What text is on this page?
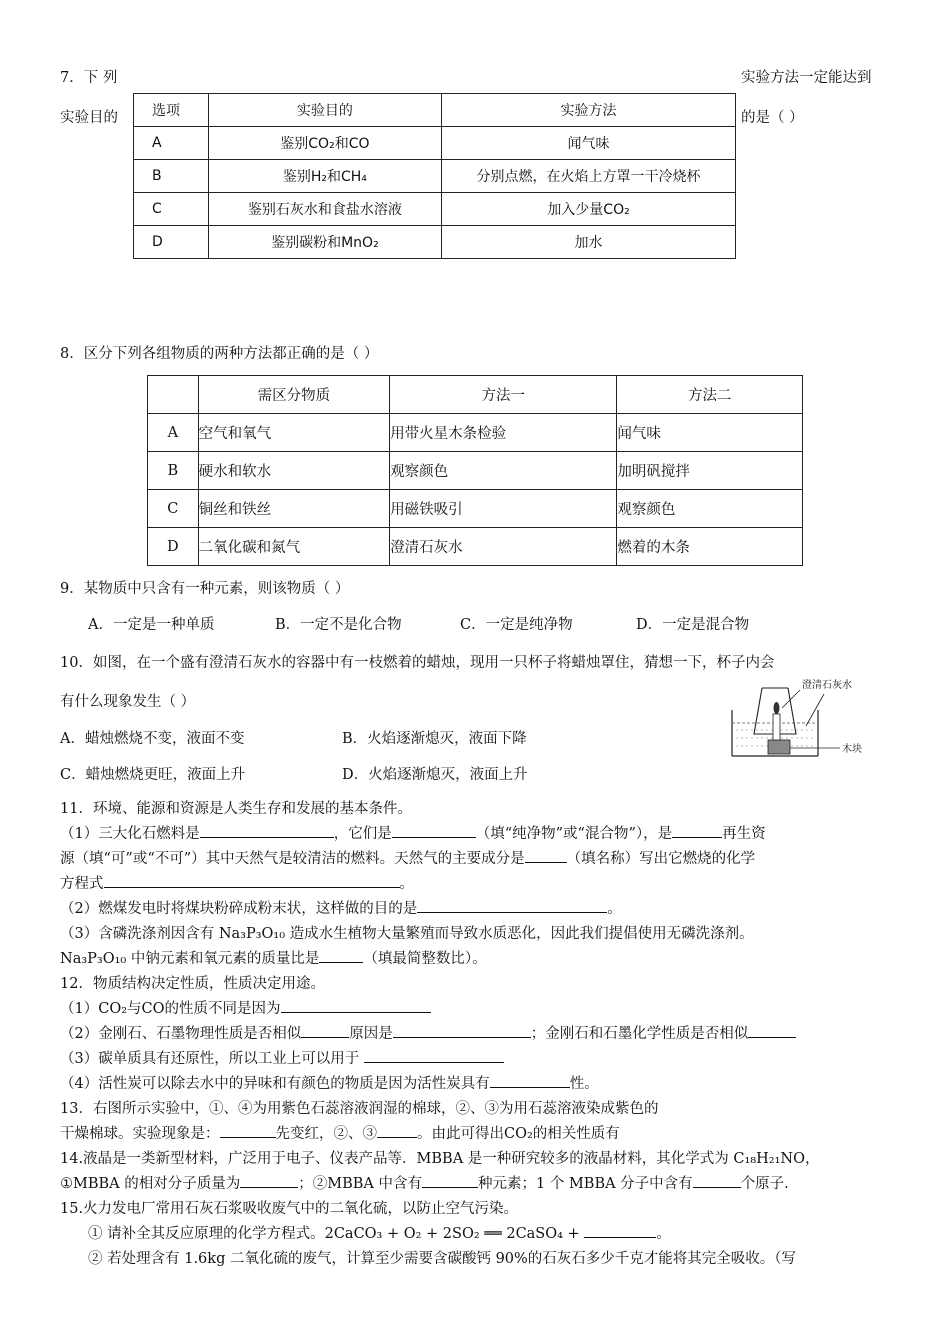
7．下 列	实验方法一定能达到
实验目的	的是（ ）
选项	实验目的	实验方法
A	鉴别CO₂和CO	闻气味
B	鉴别H₂和CH₄	分别点燃，在火焰上方罩一干冷烧杯
C	鉴别石灰水和食盐水溶液	加入少量CO₂
D	鉴别碳粉和MnO₂	加水
8．区分下列各组物质的两种方法都正确的是（ ）
	需区分物质	方法一	方法二
A	空气和氧气	用带火星木条检验	闻气味
B	硬水和软水	观察颜色	加明矾搅拌
C	铜丝和铁丝	用磁铁吸引	观察颜色
D	二氧化碳和氮气	澄清石灰水	燃着的木条
9．某物质中只含有一种元素，则该物质（ ）
A．一定是一种单质	B．一定不是化合物	C．一定是纯净物	D．一定是混合物
10．如图，在一个盛有澄清石灰水的容器中有一枝燃着的蜡烛，现用一只杯子将蜡烛罩住，猜想一下，杯子内会
有什么现象发生（ ）
A．蜡烛燃烧不变，液面不变	B．火焰逐渐熄灭，液面下降
C．蜡烛燃烧更旺，液面上升	D．火焰逐渐熄灭，液面上升
澄清石灰水
木块
11．环境、能源和资源是人类生存和发展的基本条件。
（1）三大化石燃料是	，它们是	（填“纯净物”或“混合物”），是	再生资
源（填“可”或“不可”）其中天然气是较清洁的燃料。天然气的主要成分是	（填名称）写出它燃烧的化学
方程式	。
（2）燃煤发电时将煤块粉碎成粉末状，这样做的目的是	。
（3）含磷洗涤剂因含有 Na₃P₃O₁₀ 造成水生植物大量繁殖而导致水质恶化，因此我们提倡使用无磷洗涤剂。
Na₃P₃O₁₀ 中钠元素和氧元素的质量比是	（填最简整数比）。
12．物质结构决定性质，性质决定用途。
（1）CO₂与CO的性质不同是因为
（2）金刚石、石墨物理性质是否相似	原因是	；金刚石和石墨化学性质是否相似
（3）碳单质具有还原性，所以工业上可以用于
（4）活性炭可以除去水中的异味和有颜色的物质是因为活性炭具有	性。
13．右图所示实验中，①、④为用紫色石蕊溶液润湿的棉球，②、③为用石蕊溶液染成紫色的
干燥棉球。实验现象是：	先变红，②、③	。由此可得出CO₂的相关性质有
14.液晶是一类新型材料，广泛用于电子、仪表产品等．MBBA 是一种研究较多的液晶材料，其化学式为 C₁₈H₂₁NO，
①MBBA 的相对分子质量为	；②MBBA 中含有	种元素；1 个 MBBA 分子中含有	个原子.
15.火力发电厂常用石灰石浆吸收废气中的二氧化硫，以防止空气污染。
① 请补全其反应原理的化学方程式。2CaCO₃ + O₂ + 2SO₂ ══ 2CaSO₄ +	。
② 若处理含有 1.6kg 二氧化硫的废气，计算至少需要含碳酸钙 90%的石灰石多少千克才能将其完全吸收。（写
